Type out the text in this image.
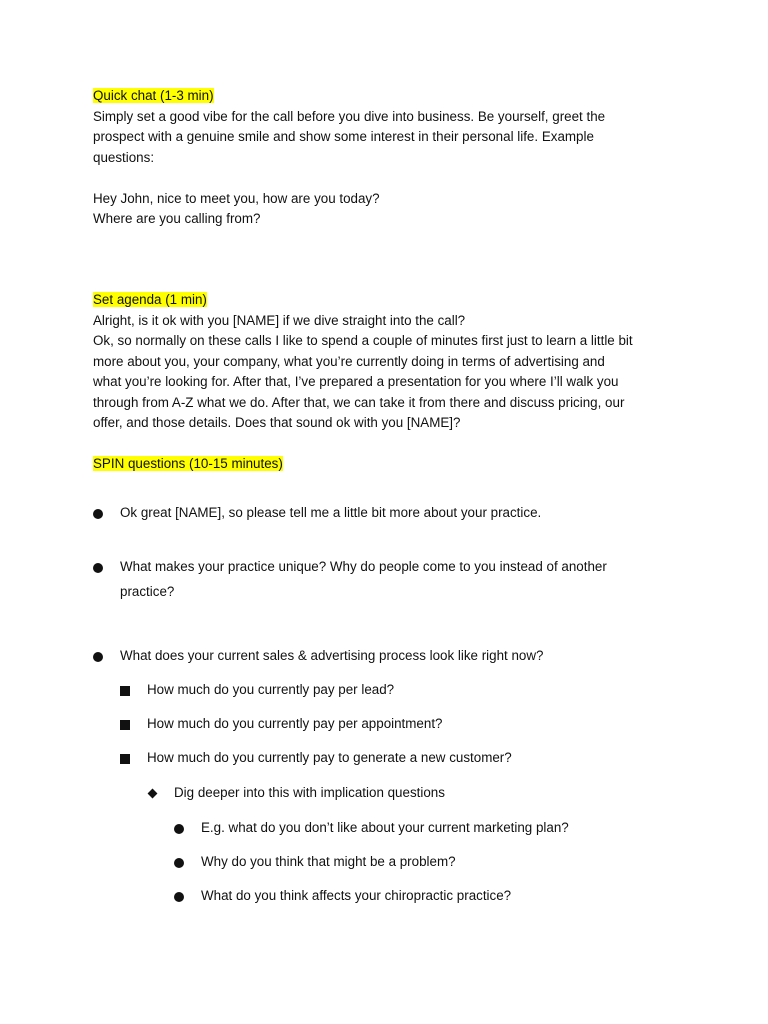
Quick chat (1-3 min)
Simply set a good vibe for the call before you dive into business. Be yourself, greet the
prospect with a genuine smile and show some interest in their personal life. Example
questions:

Hey John, nice to meet you, how are you today?
Where are you calling from?
Set agenda (1 min)
Alright, is it ok with you [NAME] if we dive straight into the call?
Ok, so normally on these calls I like to spend a couple of minutes first just to learn a little bit
more about you, your company, what you’re currently doing in terms of advertising and
what you’re looking for. After that, I’ve prepared a presentation for you where I’ll walk you
through from A-Z what we do. After that, we can take it from there and discuss pricing, our
offer, and those details. Does that sound ok with you [NAME]?
SPIN questions (10-15 minutes)
Ok great [NAME], so please tell me a little bit more about your practice.
What makes your practice unique? Why do people come to you instead of another
practice?
What does your current sales & advertising process look like right now?
How much do you currently pay per lead?
How much do you currently pay per appointment?
How much do you currently pay to generate a new customer?
Dig deeper into this with implication questions
E.g. what do you don’t like about your current marketing plan?
Why do you think that might be a problem?
What do you think affects your chiropractic practice?
